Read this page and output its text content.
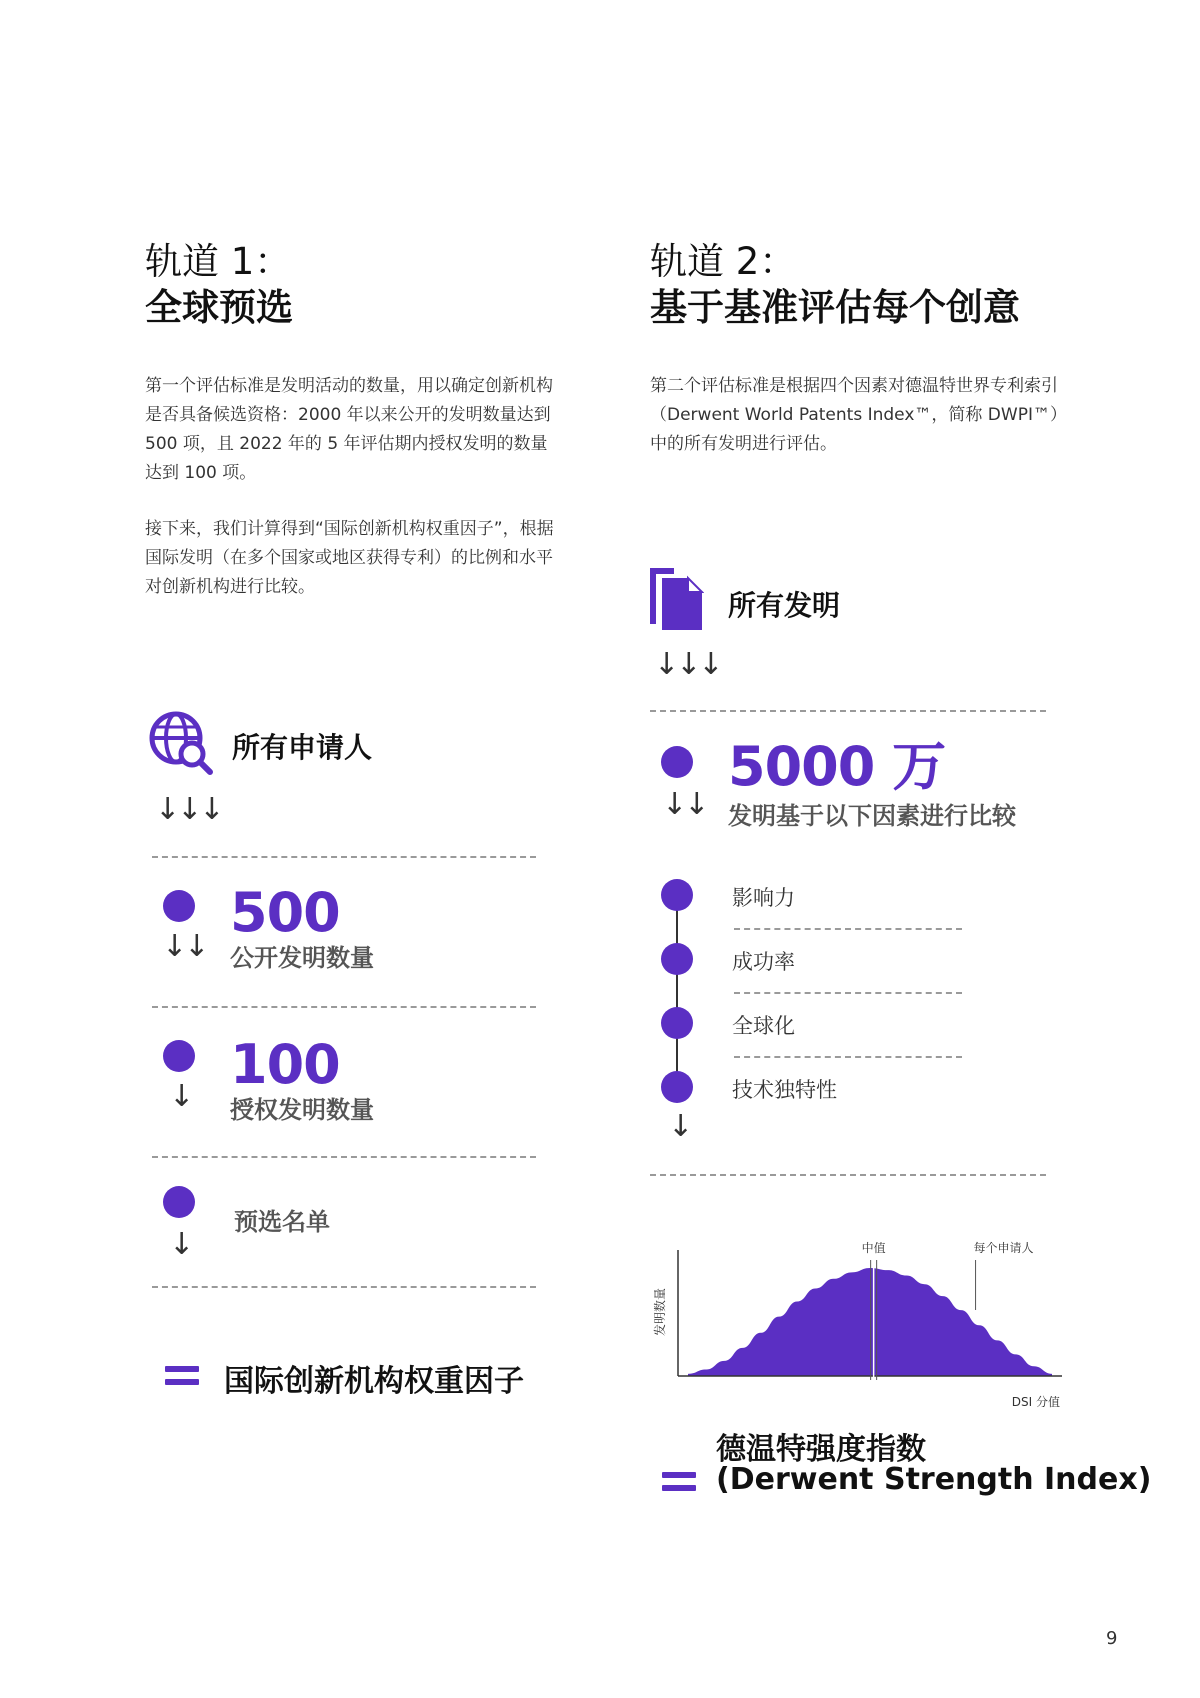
轨道 1：
全球预选
第一个评估标准是发明活动的数量，用以确定创新机构是否具备候选资格：2000 年以来公开的发明数量达到 500 项，且 2022 年的 5 年评估期内授权发明的数量达到 100 项。
接下来，我们计算得到“国际创新机构权重因子”，根据国际发明（在多个国家或地区获得专利）的比例和水平对创新机构进行比较。
所有申请人
↓↓↓
↓↓
500
公开发明数量
↓
100
授权发明数量
↓
预选名单
国际创新机构权重因子
轨道 2：
基于基准评估每个创意
第二个评估标准是根据四个因素对德温特世界专利索引（Derwent World Patents Index™，简称 DWPI™）中的所有发明进行评估。
所有发明
↓↓↓
↓↓
5000 万
发明基于以下因素进行比较
影响力
成功率
全球化
技术独特性
↓
中值	每个申请人
DSI 分值
发明数量
德温特强度指数
(Derwent Strength Index)
9
